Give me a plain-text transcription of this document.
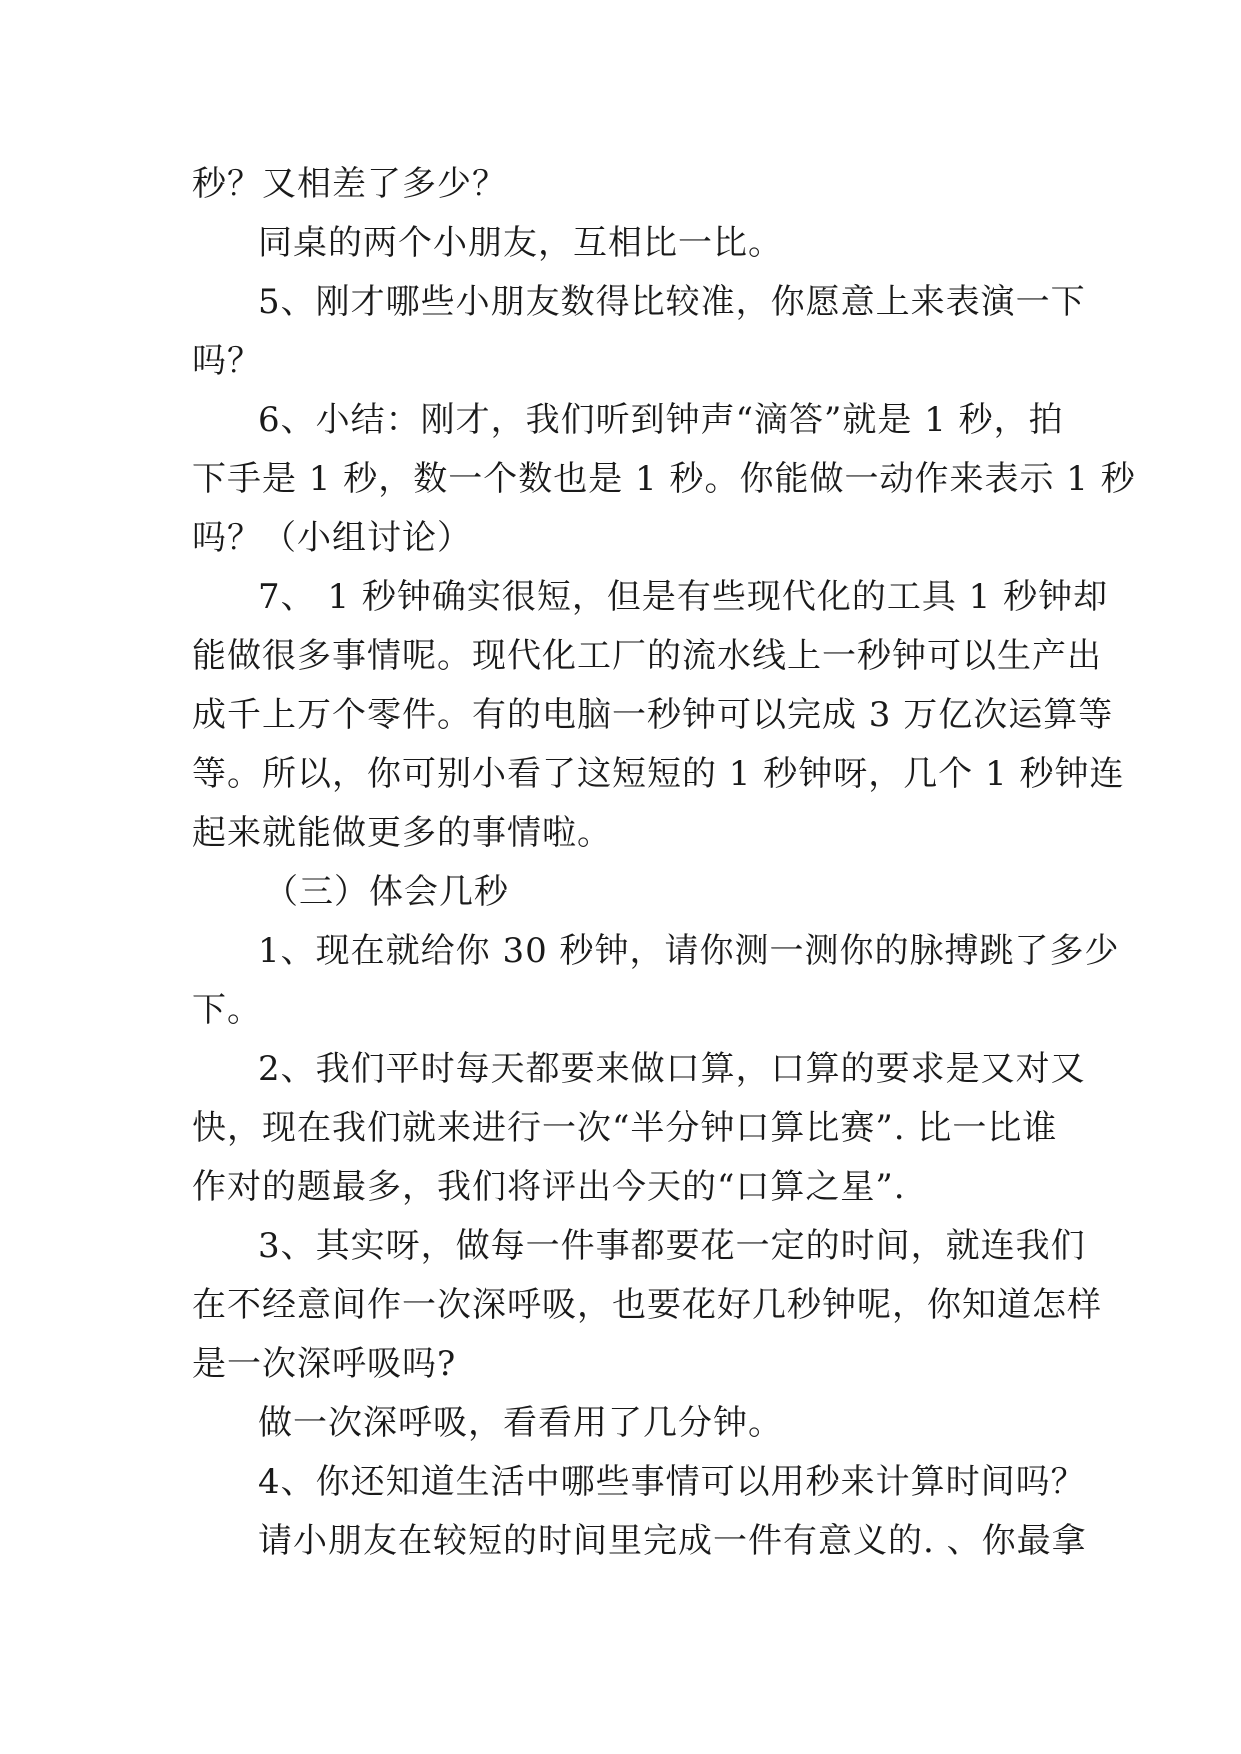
秒？又相差了多少？
同桌的两个小朋友，互相比一比。
5、刚才哪些小朋友数得比较准，你愿意上来表演一下
吗？
6、小结：刚才，我们听到钟声“滴答”就是 1 秒，拍
下手是 1 秒，数一个数也是 1 秒。你能做一动作来表示 1 秒
吗？（小组讨论）
7、 1 秒钟确实很短，但是有些现代化的工具 1 秒钟却
能做很多事情呢。现代化工厂的流水线上一秒钟可以生产出
成千上万个零件。有的电脑一秒钟可以完成 3 万亿次运算等
等。所以，你可别小看了这短短的 1 秒钟呀，几个 1 秒钟连
起来就能做更多的事情啦。
（三）体会几秒
1、现在就给你 30 秒钟，请你测一测你的脉搏跳了多少
下。
2、我们平时每天都要来做口算，口算的要求是又对又
快，现在我们就来进行一次“半分钟口算比赛”. 比一比谁
作对的题最多，我们将评出今天的“口算之星”.
3、其实呀，做每一件事都要花一定的时间，就连我们
在不经意间作一次深呼吸，也要花好几秒钟呢，你知道怎样
是一次深呼吸吗?
做一次深呼吸，看看用了几分钟。
4、你还知道生活中哪些事情可以用秒来计算时间吗？
请小朋友在较短的时间里完成一件有意义的. 、你最拿
